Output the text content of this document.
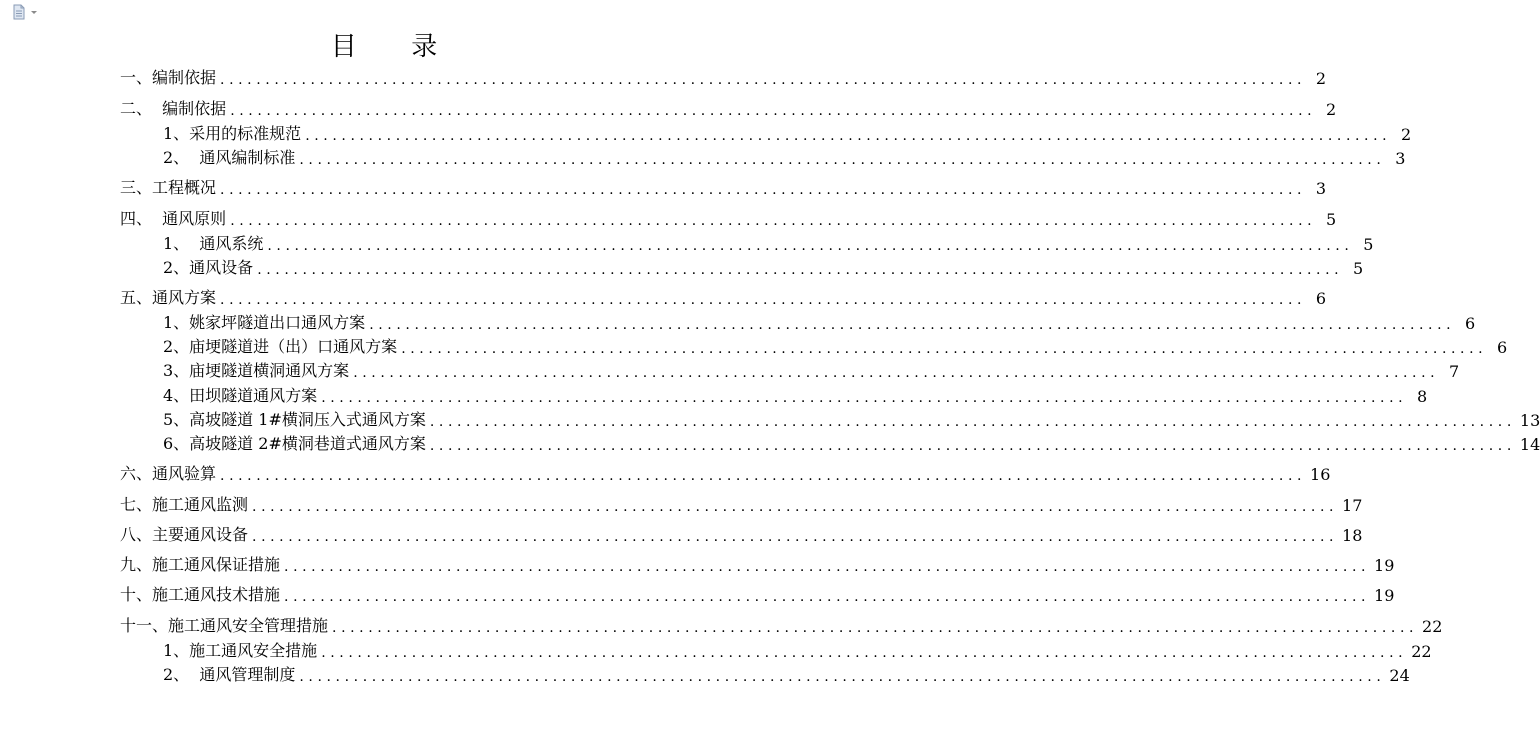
目 录
一、编制依据 ........................................................................................................................ 2
二、  编制依据 ........................................................................................................................ 2
1、采用的标准规范 ........................................................................................................................ 2
2、  通风编制标准 ........................................................................................................................ 3
三、工程概况 ........................................................................................................................ 3
四、  通风原则 ........................................................................................................................ 5
1、  通风系统 ........................................................................................................................ 5
2、通风设备 ........................................................................................................................ 5
五、通风方案 ........................................................................................................................ 6
1、姚家坪隧道出口通风方案 ........................................................................................................................ 6
2、庙埂隧道进（出）口通风方案 ........................................................................................................................ 6
3、庙埂隧道横洞通风方案 ........................................................................................................................ 7
4、田坝隧道通风方案 ........................................................................................................................ 8
5、高坡隧道 1#横洞压入式通风方案 ........................................................................................................................ 13
6、高坡隧道 2#横洞巷道式通风方案 ........................................................................................................................ 14
六、通风验算 ........................................................................................................................ 16
七、施工通风监测 ........................................................................................................................ 17
八、主要通风设备 ........................................................................................................................ 18
九、施工通风保证措施 ........................................................................................................................ 19
十、施工通风技术措施 ........................................................................................................................ 19
十一、施工通风安全管理措施 ........................................................................................................................ 22
1、施工通风安全措施 ........................................................................................................................ 22
2、  通风管理制度 ........................................................................................................................ 24
